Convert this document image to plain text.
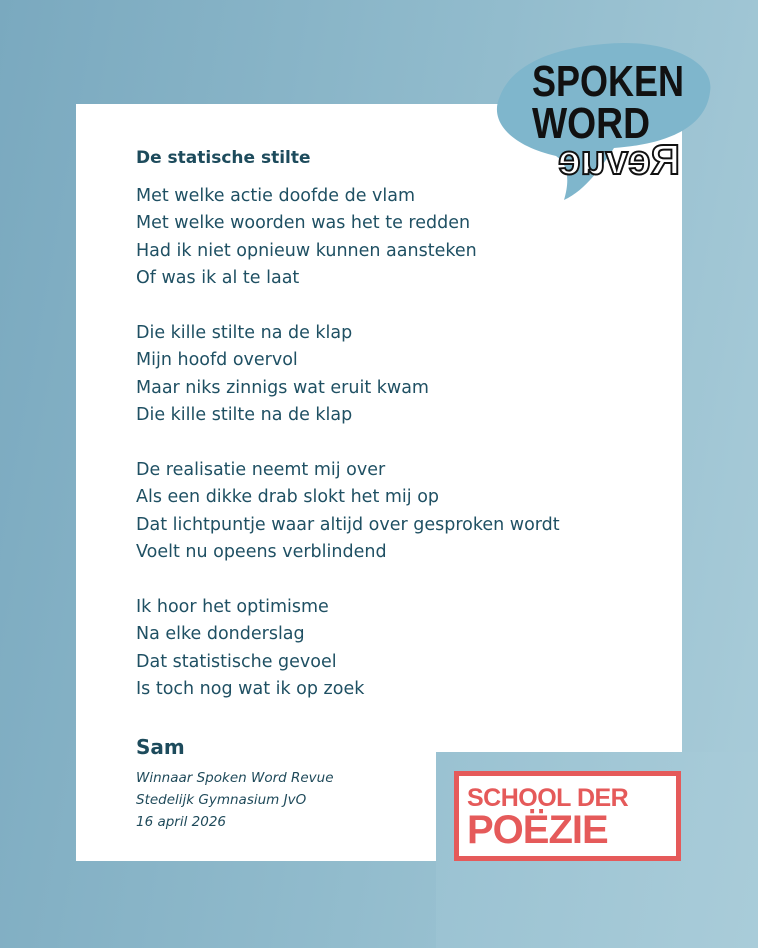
De statische stilte

Met welke actie doofde de vlam
Met welke woorden was het te redden
Had ik niet opnieuw kunnen aansteken
Of was ik al te laat

Die kille stilte na de klap
Mijn hoofd overvol
Maar niks zinnigs wat eruit kwam
Die kille stilte na de klap

De realisatie neemt mij over
Als een dikke drab slokt het mij op
Dat lichtpuntje waar altijd over gesproken wordt
Voelt nu opeens verblindend

Ik hoor het optimisme
Na elke donderslag
Dat statistische gevoel
Is toch nog wat ik op zoek

Sam
Winnaar Spoken Word Revue
Stedelijk Gymnasium JvO
16 april 2026
SPOKEN
WORD
Revue
SCHOOL DER
POËZIE
